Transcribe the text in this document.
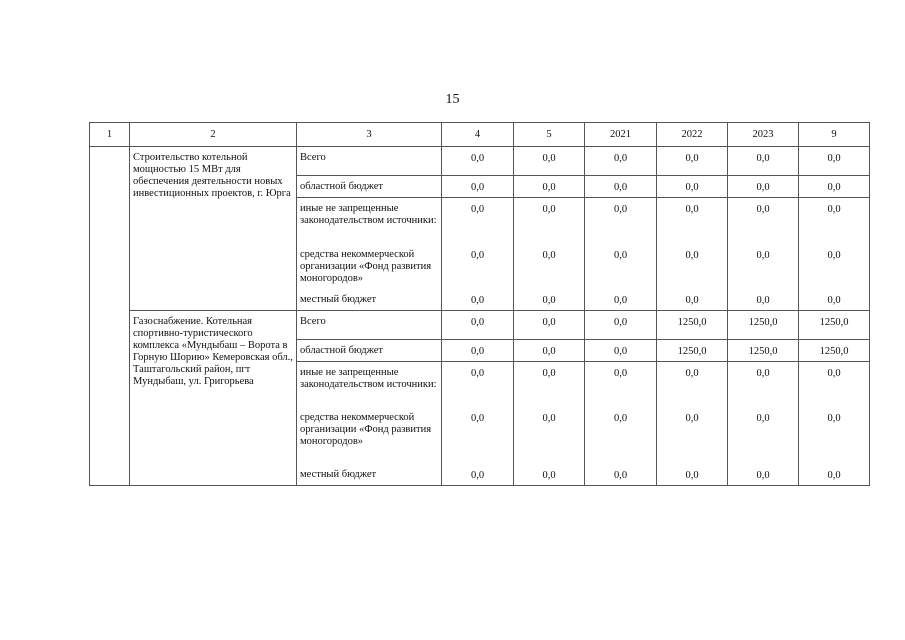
15
1	2	3	4	5	2021	2022	2023	9
	Строительство котельной мощностью 15 МВт для обеспечения деятельности новых инвестиционных проектов, г. Юрга	Всего	0,0	0,0	0,0	0,0	0,0	0,0
		областной бюджет	0,0	0,0	0,0	0,0	0,0	0,0
		иные не запрещенные законодательством источники:	0,0	0,0	0,0	0,0	0,0	0,0
		средства некоммерческой организации «Фонд развития моногородов»	0,0	0,0	0,0	0,0	0,0	0,0
		местный бюджет	0,0	0,0	0,0	0,0	0,0	0,0
	Газоснабжение. Котельная спортивно-туристического комплекса «Мундыбаш – Ворота в Горную Шорию» Кемеровская обл., Таштагольский район, пгт Мундыбаш, ул. Григорьева	Всего	0,0	0,0	0,0	1250,0	1250,0	1250,0
		областной бюджет	0,0	0,0	0,0	1250,0	1250,0	1250,0
		иные не запрещенные законодательством источники:	0,0	0,0	0,0	0,0	0,0	0,0
		средства некоммерческой организации «Фонд развития моногородов»	0,0	0,0	0,0	0,0	0,0	0,0
		местный бюджет	0,0	0,0	0,0	0,0	0,0	0,0
